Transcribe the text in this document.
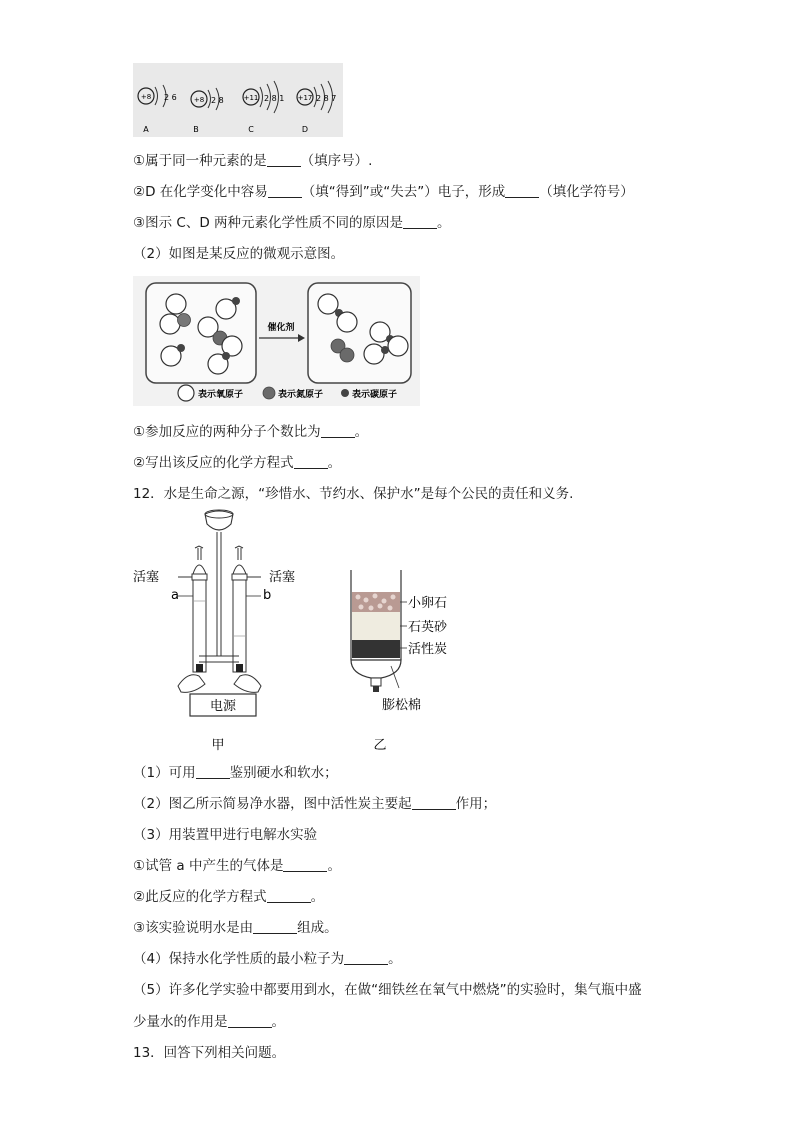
+8 2 6
A
+8 2 8
B
+11 2 8 1
C
+17 2 8 7
D
①属于同一种元素的是	（填序号）.
②D 在化学变化中容易	（填“得到”或“失去”）电子，形成	（填化学符号）
③图示 C、D 两种元素化学性质不同的原因是	。
（2）如图是某反应的微观示意图。
催化剂
表示氧原子	表示氮原子	表示碳原子
①参加反应的两种分子个数比为	。
②写出该反应的化学方程式	。
12．水是生命之源，“珍惜水、节约水、保护水”是每个公民的责任和义务.
电源
活塞	活塞
a	b
甲
小卵石
石英砂
活性炭
膨松棉
乙
（1）可用	鉴别硬水和软水；
（2）图乙所示简易净水器，图中活性炭主要起	作用；
（3）用装置甲进行电解水实验
①试管 a 中产生的气体是	。
②此反应的化学方程式	。
③该实验说明水是由	组成。
（4）保持水化学性质的最小粒子为	。
（5）许多化学实验中都要用到水，在做“细铁丝在氧气中燃烧”的实验时，集气瓶中盛
少量水的作用是	。
13．回答下列相关问题。
